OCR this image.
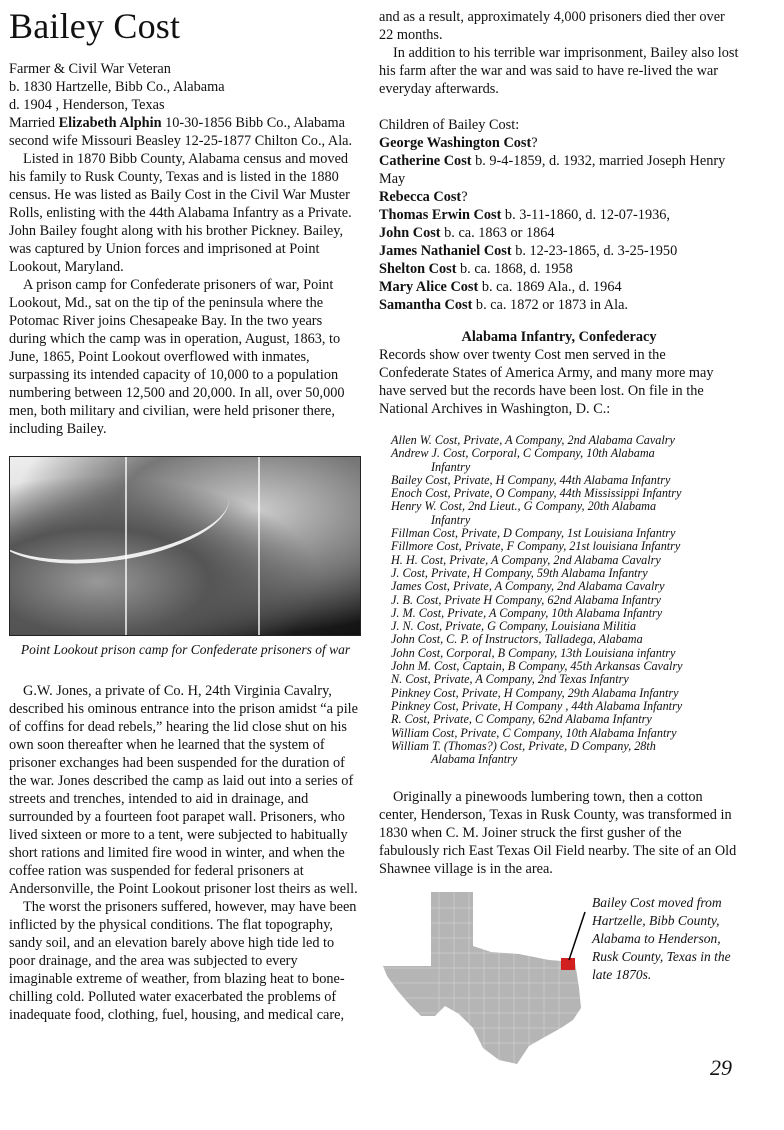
Bailey Cost

Farmer & Civil War Veteran

b. 1830 Hartzelle, Bibb Co., Alabama

d. 1904 , Henderson, Texas

Married Elizabeth Alphin 10-30-1856 Bibb Co., Alabama second wife Missouri Beasley 12-25-1877 Chilton Co., Ala.

Listed in 1870 Bibb County, Alabama census and moved his family to Rusk County, Texas and is listed in the 1880 census. He was listed as Baily Cost in the Civil War Muster Rolls, enlisting with the 44th Alabama Infantry as a Private. John Bailey fought along with his brother Pickney. Bailey, was captured by Union forces and imprisoned at Point Lookout, Maryland.

A prison camp for Confederate prisoners of war, Point Lookout, Md., sat on the tip of the peninsula where the Potomac River joins Chesapeake Bay. In the two years during which the camp was in operation, August, 1863, to June, 1865, Point Lookout overflowed with inmates, surpassing its intended capacity of 10,000 to a population numbering between 12,500 and 20,000. In all, over 50,000 men, both military and civilian, were held prisoner there, including Bailey.

Point Lookout prison camp for Confederate prisoners of war

G.W. Jones, a private of Co. H, 24th Virginia Cavalry, described his ominous entrance into the prison amidst “a pile of coffins for dead rebels,” hearing the lid close shut on his own soon thereafter when he learned that the system of prisoner exchanges had been suspended for the duration of the war. Jones described the camp as laid out into a series of streets and trenches, intended to aid in drainage, and surrounded by a fourteen foot parapet wall. Prisoners, who lived sixteen or more to a tent, were subjected to habitually short rations and limited fire wood in winter, and when the coffee ration was suspended for federal prisoners at Andersonville, the Point Lookout prisoner lost theirs as well.

The worst the prisoners suffered, however, may have been inflicted by the physical conditions. The flat topography, sandy soil, and an elevation barely above high tide led to poor drainage, and the area was subjected to every imaginable extreme of weather, from blazing heat to bone-chilling cold. Polluted water exacerbated the problems of inadequate food, clothing, fuel, housing, and medical care,

and as a result, approximately 4,000 prisoners died ther over 22 months.

In addition to his terrible war imprisonment, Bailey also lost his farm after the war and was said to have re-lived the war everyday afterwards.

Children of Bailey Cost:

George Washington Cost?

Catherine Cost b. 9-4-1859, d. 1932, married Joseph Henry May

Rebecca Cost?

Thomas Erwin Cost b. 3-11-1860, d. 12-07-1936,

John Cost b. ca. 1863 or 1864

James Nathaniel Cost b. 12-23-1865, d. 3-25-1950

Shelton Cost b. ca. 1868, d. 1958

Mary Alice Cost b. ca. 1869 Ala., d. 1964

Samantha Cost b. ca. 1872 or 1873 in Ala.

Alabama Infantry, Confederacy

Records show over twenty Cost men served in the Confederate States of America Army, and many more may have served but the records have been lost. On file in the National Archives in Washington, D. C.:

Allen W. Cost, Private, A Company, 2nd Alabama Cavalry
Andrew J. Cost, Corporal, C Company, 10th Alabama
Infantry
Bailey Cost, Private, H Company, 44th Alabama Infantry
Enoch Cost, Private, O Company, 44th Mississippi Infantry
Henry W. Cost, 2nd Lieut., G Company, 20th Alabama
Infantry
Fillman Cost, Private, D Company, 1st Louisiana Infantry
Fillmore Cost, Private, F Company, 21st louisiana Infantry
H. H. Cost, Private, A Company, 2nd Alabama Cavalry
J. Cost, Private, H Company, 59th Alabama Infantry
James Cost, Private, A Company, 2nd Alabama Cavalry
J. B. Cost, Private H Company, 62nd Alabama Infantry
J. M. Cost, Private, A Company, 10th Alabama Infantry
J. N. Cost, Private, G Company, Louisiana Militia
John Cost, C. P. of Instructors, Talladega, Alabama
John Cost, Corporal, B Company, 13th Louisiana infantry
John M. Cost, Captain, B Company, 45th Arkansas Cavalry
N. Cost, Private, A Company, 2nd Texas Infantry
Pinkney Cost, Private, H Company, 29th Alabama Infantry
Pinkney Cost, Private, H Company , 44th Alabama Infantry
R. Cost, Private, C Company, 62nd Alabama Infantry
William Cost, Private, C Company, 10th Alabama Infantry
William T. (Thomas?) Cost, Private, D Company, 28th
Alabama Infantry

Originally a pinewoods lumbering town, then a cotton center, Henderson, Texas in Rusk County, was transformed in 1830 when C. M. Joiner struck the first gusher of the fabulously rich East Texas Oil Field nearby. The site of an Old Shawnee village is in the area.

Bailey Cost moved from Hartzelle, Bibb County, Alabama to Henderson, Rusk County, Texas in the late 1870s.
29
